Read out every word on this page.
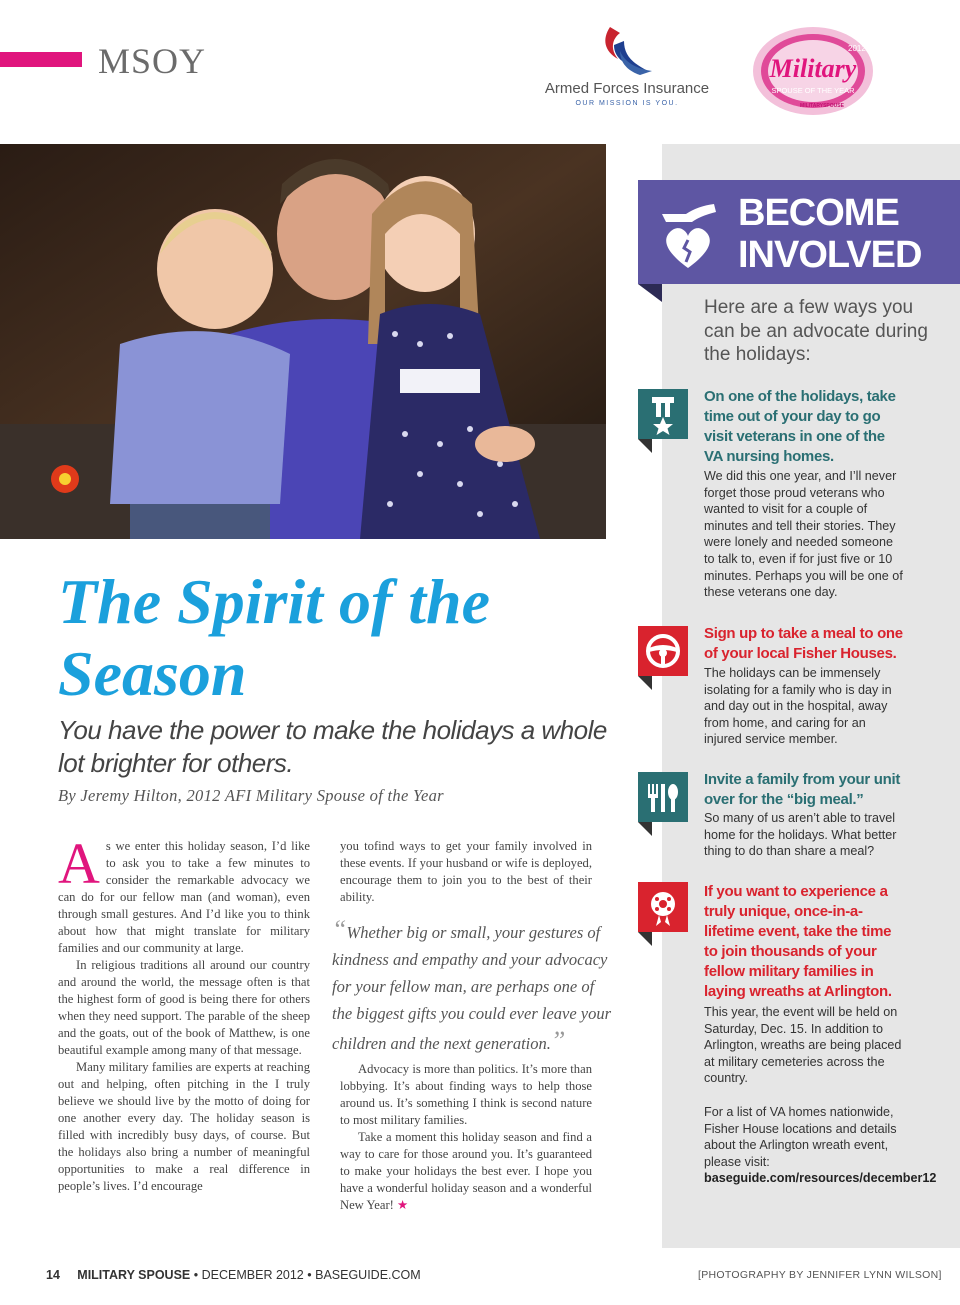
MSOY
Armed Forces Insurance
OUR MISSION IS YOU.
2012
Military
SPOUSE OF THE YEAR
MILITARYSPOUSE
The Spirit of the Season
You have the power to make the holidays a whole lot brighter for others.
By Jeremy Hilton, 2012 AFI Military Spouse of the Year

As we enter this holiday season, I’d like to ask you to take a few minutes to consider the remarkable advocacy we can do for our fellow man (and woman), even through small gestures. And I’d like you to think about how that might translate for military families and our community at large.

In religious traditions all around our country and around the world, the message often is that the highest form of good is being there for others when they need support. The parable of the sheep and the goats, out of the book of Matthew, is one beautiful example among many of that message.

Many military families are experts at reaching out and helping, often pitching in the I truly believe we should live by the motto of doing for one another every day. The holiday season is filled with incredibly busy days, of course. But the holidays also bring a number of meaningful opportunities to make a real difference in people’s lives. I’d encourage

you tofind ways to get your family involved in these events. If your husband or wife is deployed, encourage them to join you to the best of their ability.

“Whether big or small, your gestures of kindness and empathy and your advocacy for your fellow man, are perhaps one of the biggest gifts you could ever leave your children and the next generation.”

Advocacy is more than politics. It’s more than lobbying. It’s about finding ways to help those around us. It’s something I think is second nature to most military families.

Take a moment this holiday season and find a way to care for those around you. It’s guaranteed to make your holidays the best ever. I hope you have a wonderful holiday season and a wonderful New Year! ★

BECOME
INVOLVED
Here are a few ways you can be an advocate during the holidays:
On one of the holidays, take time out of your day to go visit veterans in one of the VA nursing homes.
We did this one year, and I’ll never forget those proud veterans who wanted to visit for a couple of minutes and tell their stories. They were lonely and needed someone to talk to, even if for just five or 10 minutes. Perhaps you will be one of these veterans one day.
Sign up to take a meal to one of your local Fisher Houses.
The holidays can be immensely isolating for a family who is day in and day out in the hospital, away from home, and caring for an injured service member.
Invite a family from your unit over for the “big meal.”
So many of us aren’t able to travel home for the holidays. What better thing to do than share a meal?
If you want to experience a truly unique, once-in-a-lifetime event, take the time to join thousands of your fellow military families in laying wreaths at Arlington.
This year, the event will be held on Saturday, Dec. 15. In addition to Arlington, wreaths are being placed at military cemeteries across the country.
For a list of VA homes nationwide, Fisher House locations and details about the Arlington wreath event, please visit:
baseguide.com/resources/december12
14 MILITARY SPOUSE • DECEMBER 2012 • BASEGUIDE.COM	[PHOTOGRAPHY BY JENNIFER LYNN WILSON]
